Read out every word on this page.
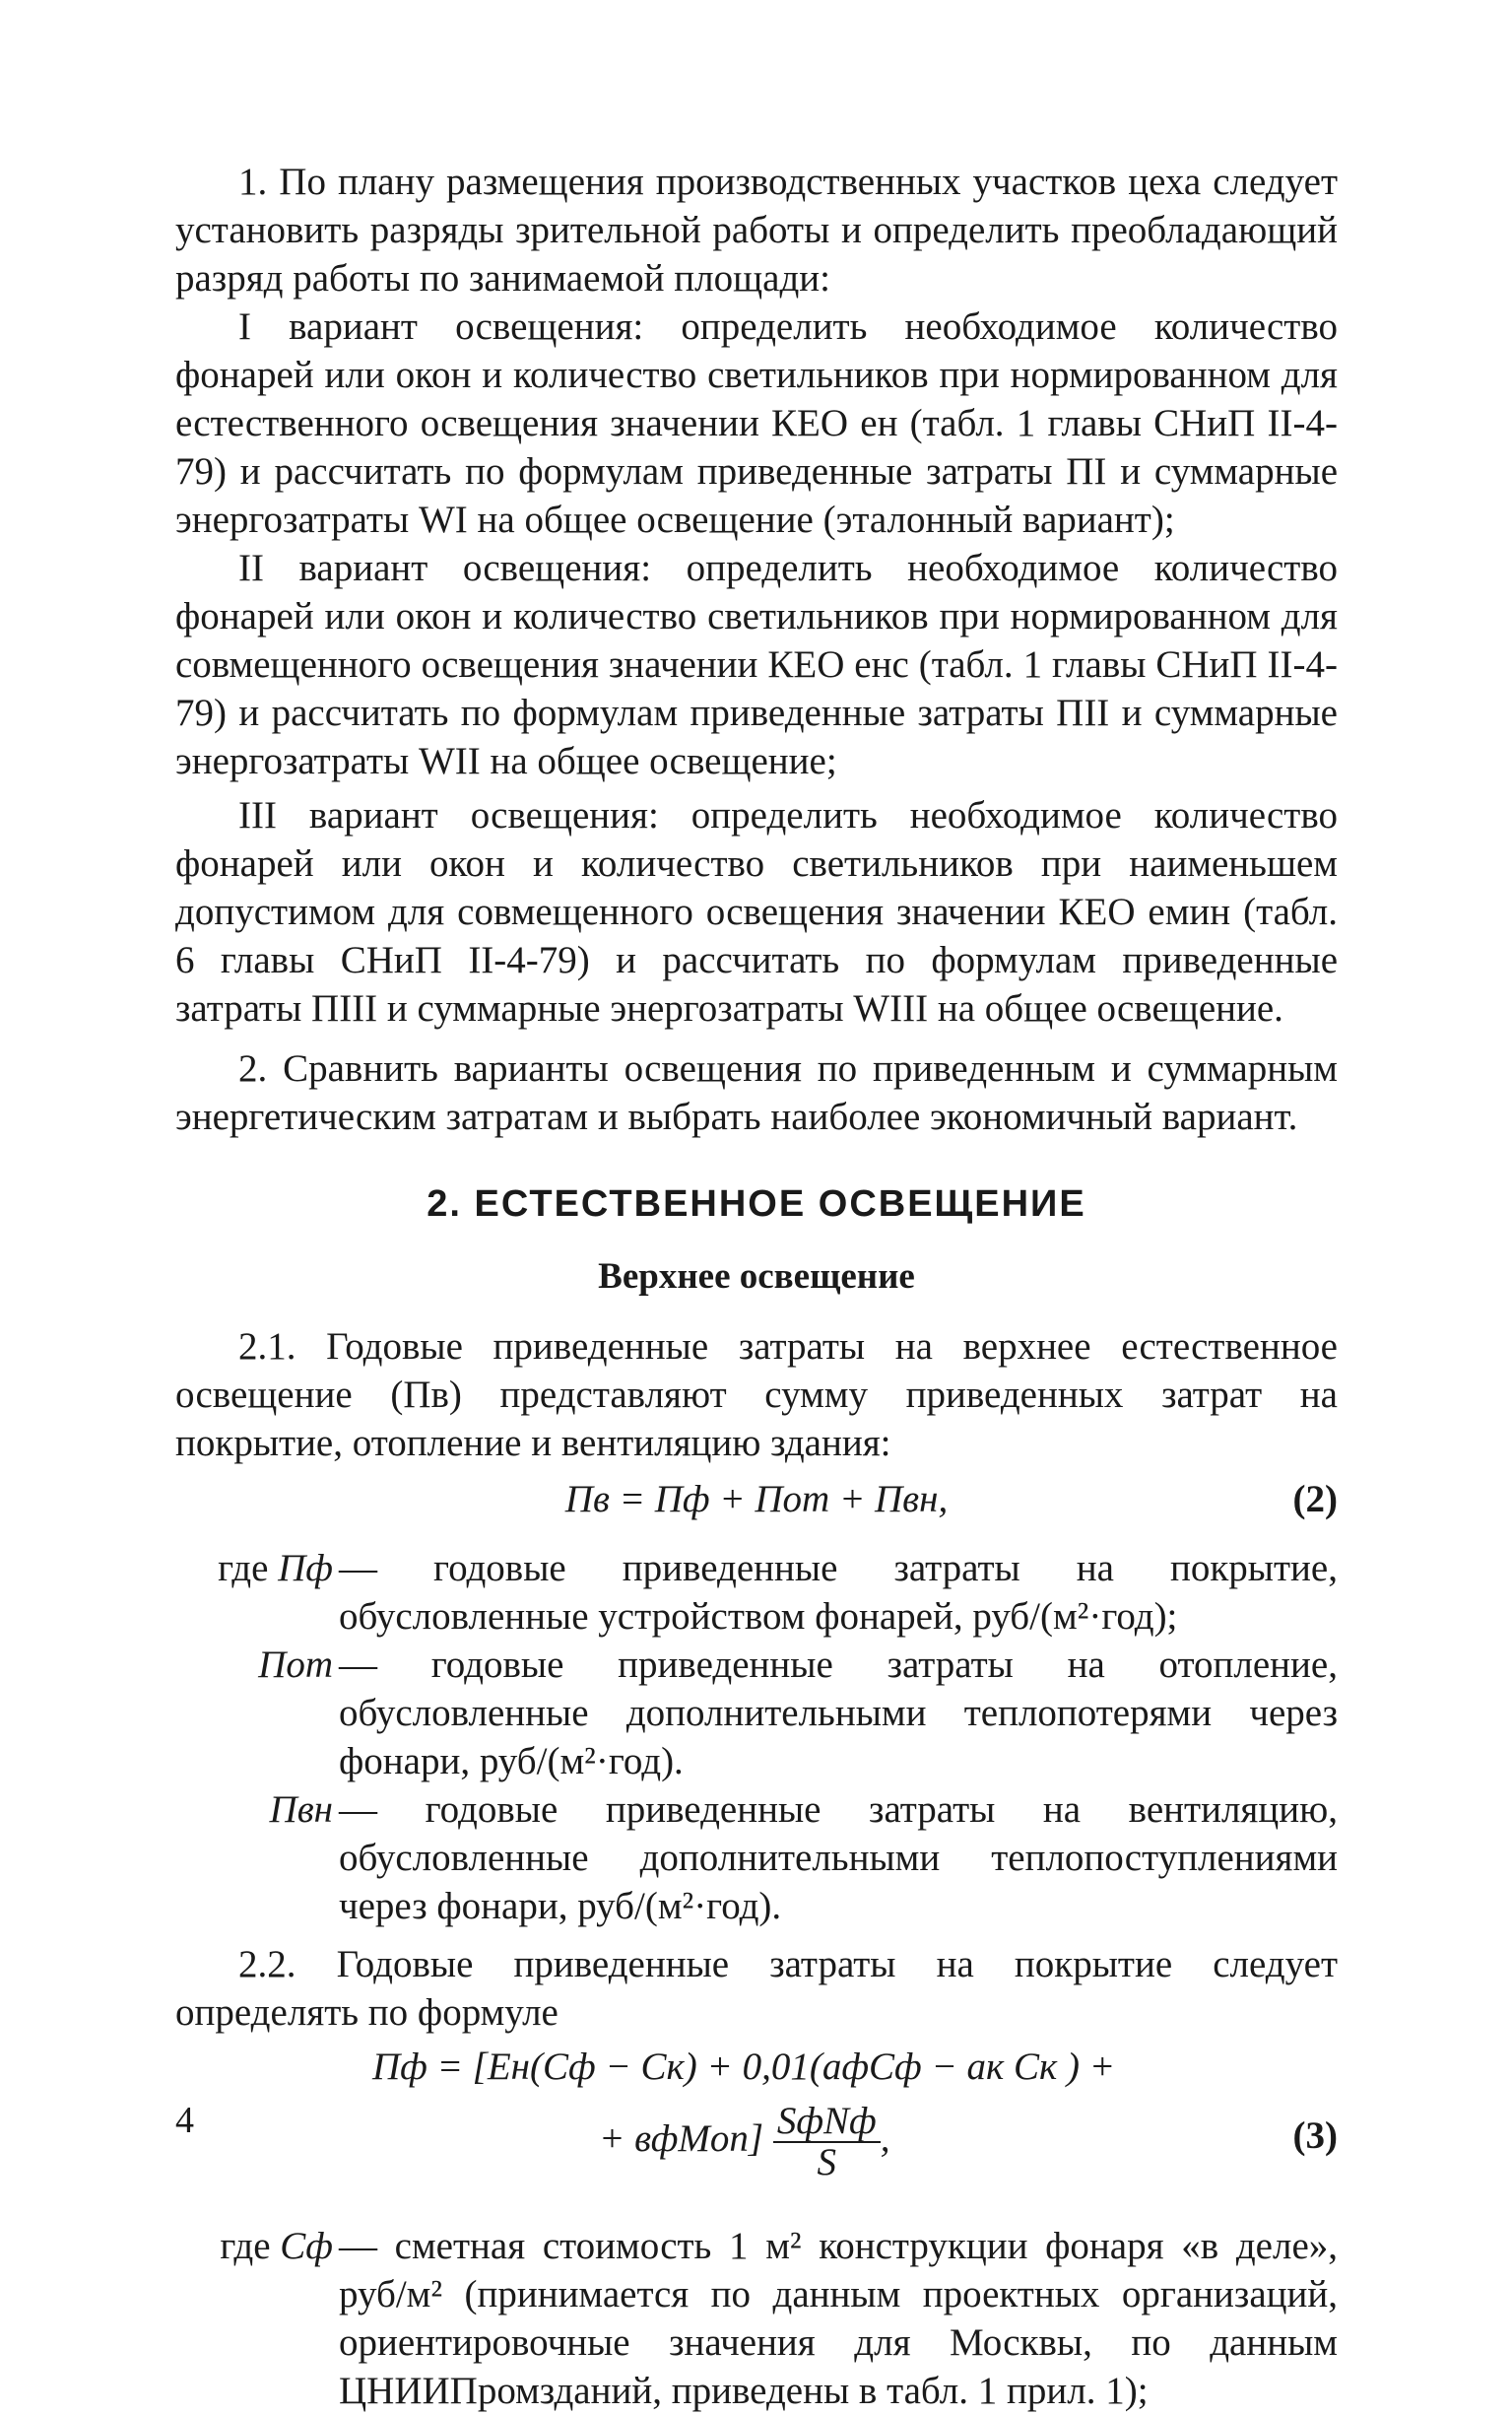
1. По плану размещения производственных участков цеха следует установить разряды зрительной работы и определить преобладающий разряд работы по занимаемой площади:

I вариант освещения: определить необходимое количество фонарей или окон и количество светильников при нормированном для естественного освещения значении КЕО eн (табл. 1 главы СНиП II-4-79) и рассчитать по формулам приведенные затраты ПI и суммарные энергозатраты WI на общее освещение (эталонный вариант);

II вариант освещения: определить необходимое количество фонарей или окон и количество светильников при нормированном для совмещенного освещения значении КЕО eнс (табл. 1 главы СНиП II-4-79) и рассчитать по формулам приведенные затраты ПII и суммарные энергозатраты WII на общее освещение;

III вариант освещения: определить необходимое количество фонарей или окон и количество светильников при наименьшем допустимом для совмещенного освещения значении КЕО eмин (табл. 6 главы СНиП II-4-79) и рассчитать по формулам приведенные затраты ПIII и суммарные энергозатраты WIII на общее освещение.

2. Сравнить варианты освещения по приведенным и суммарным энергетическим затратам и выбрать наиболее экономичный вариант.

2. ЕСТЕСТВЕННОЕ ОСВЕЩЕНИЕ

Верхнее освещение

2.1. Годовые приведенные затраты на верхнее естественное освещение (Пв) представляют сумму приведенных затрат на покрытие, отопление и вентиляцию здания:

Пв = Пф + Пот + Пвн,	(2)
где Пф — годовые приведенные затраты на покрытие, обусловленные устройством фонарей, руб/(м²·год);

Пот — годовые приведенные затраты на отопление, обусловленные дополнительными теплопотерями через фонари, руб/(м²·год).

Пвн — годовые приведенные затраты на вентиляцию, обусловленные дополнительными теплопоступлениями через фонари, руб/(м²·год).

2.2. Годовые приведенные затраты на покрытие следует определять по формуле

Пф = [Eн(Cф − Cк) + 0,01(aфCф − aк Cк ) +
+ вфMоп] $\frac{\text{SфNф}}{S}$ ,	(3)
где Cф — сметная стоимость 1 м² конструкции фонаря «в деле», руб/м² (принимается по данным проектных организаций, ориентировочные значения для Москвы, по данным ЦНИИПромзданий, приведены в табл. 1 прил. 1);

4
